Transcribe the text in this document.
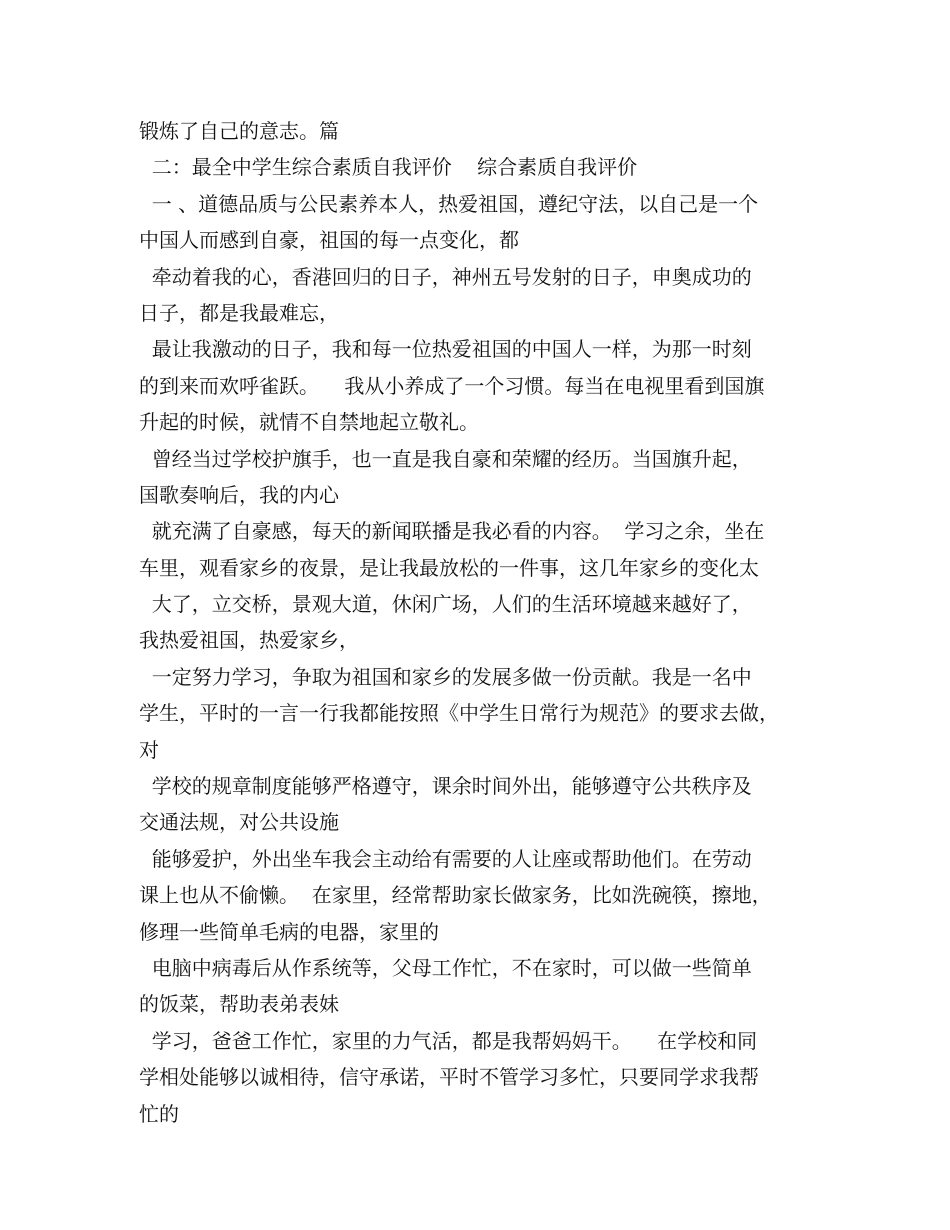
锻炼了自己的意志。篇
二：最全中学生综合素质自我评价    综合素质自我评价
一 、道德品质与公民素养本人，热爱祖国，遵纪守法，以自己是一个
中国人而感到自豪，祖国的每一点变化，都
牵动着我的心，香港回归的日子，神州五号发射的日子，申奥成功的
日子，都是我最难忘，
最让我激动的日子，我和每一位热爱祖国的中国人一样，为那一时刻
的到来而欢呼雀跃。    我从小养成了一个习惯。每当在电视里看到国旗
升起的时候，就情不自禁地起立敬礼。
曾经当过学校护旗手，也一直是我自豪和荣耀的经历。当国旗升起，
国歌奏响后，我的内心
就充满了自豪感，每天的新闻联播是我必看的内容。  学习之余，坐在
车里，观看家乡的夜景，是让我最放松的一件事，这几年家乡的变化太
大了，立交桥，景观大道，休闲广场，人们的生活环境越来越好了，
我热爱祖国，热爱家乡，
一定努力学习，争取为祖国和家乡的发展多做一份贡献。我是一名中
学生，平时的一言一行我都能按照《中学生日常行为规范》的要求去做，
对
学校的规章制度能够严格遵守，课余时间外出，能够遵守公共秩序及
交通法规，对公共设施
能够爱护，外出坐车我会主动给有需要的人让座或帮助他们。在劳动
课上也从不偷懒。  在家里，经常帮助家长做家务，比如洗碗筷，擦地，
修理一些简单毛病的电器，家里的
电脑中病毒后从作系统等，父母工作忙，不在家时，可以做一些简单
的饭菜，帮助表弟表妹
学习，爸爸工作忙，家里的力气活，都是我帮妈妈干。    在学校和同
学相处能够以诚相待，信守承诺，平时不管学习多忙，只要同学求我帮
忙的
